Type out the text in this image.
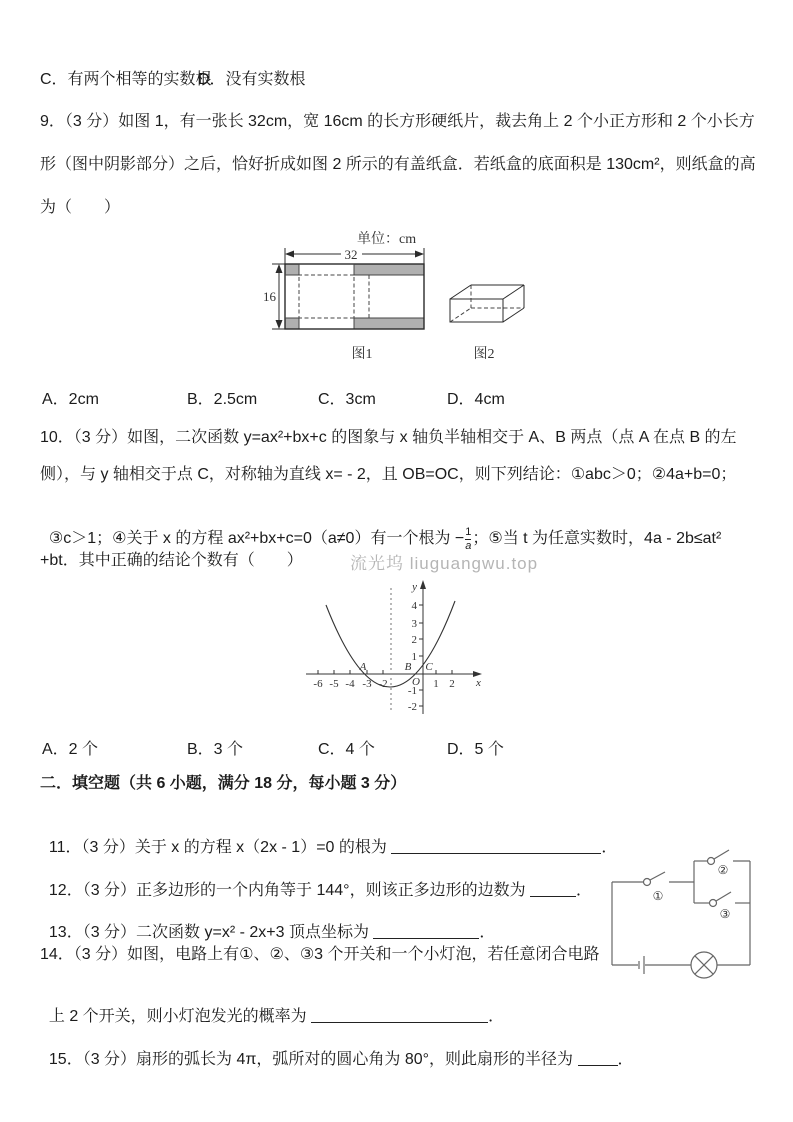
C．有两个相等的实数根
D．没有实数根
9．（3 分）如图 1，有一张长 32cm，宽 16cm 的长方形硬纸片，裁去角上 2 个小正方形和 2 个小长方
形（图中阴影部分）之后，恰好折成如图 2 所示的有盖纸盒．若纸盒的底面积是 130cm²，则纸盒的高
为（　　）
单位：cm
32
16
图1	图2
A．2cm	B．2.5cm	C．3cm	D．4cm
10．（3 分）如图，二次函数 y=ax²+bx+c 的图象与 x 轴负半轴相交于 A、B 两点（点 A 在点 B 的左
侧），与 y 轴相交于点 C，对称轴为直线 x= - 2，且 OB=OC，则下列结论：①abc＞0；②4a+b=0；

③c＞1；④关于 x 的方程 ax²+bx+c=0（a≠0）有一个根为 − $\frac{1}{a}$ ；⑤当 t 为任意实数时，4a - 2b≤at²

+bt．其中正确的结论个数有（　　）	流光坞 liuguangwu.top
-6 -5 -4 -3 -2	1 2
4
3
2
1
-1
-2
A	B C
O	x
y
A．2 个	B．3 个	C．4 个	D．5 个
二．填空题（共 6 小题，满分 18 分，每小题 3 分）

11．（3 分）关于 x 的方程 x（2x - 1）=0 的根为	．

12．（3 分）正多边形的一个内角等于 144°，则该正多边形的边数为	．

13．（3 分）二次函数 y=x² - 2x+3 顶点坐标为	．

14．（3 分）如图，电路上有①、②、③3 个开关和一个小灯泡，若任意闭合电路

上 2 个开关，则小灯泡发光的概率为	．

15．（3 分）扇形的弧长为 4π，弧所对的圆心角为 80°，则此扇形的半径为	．

①
②
③
